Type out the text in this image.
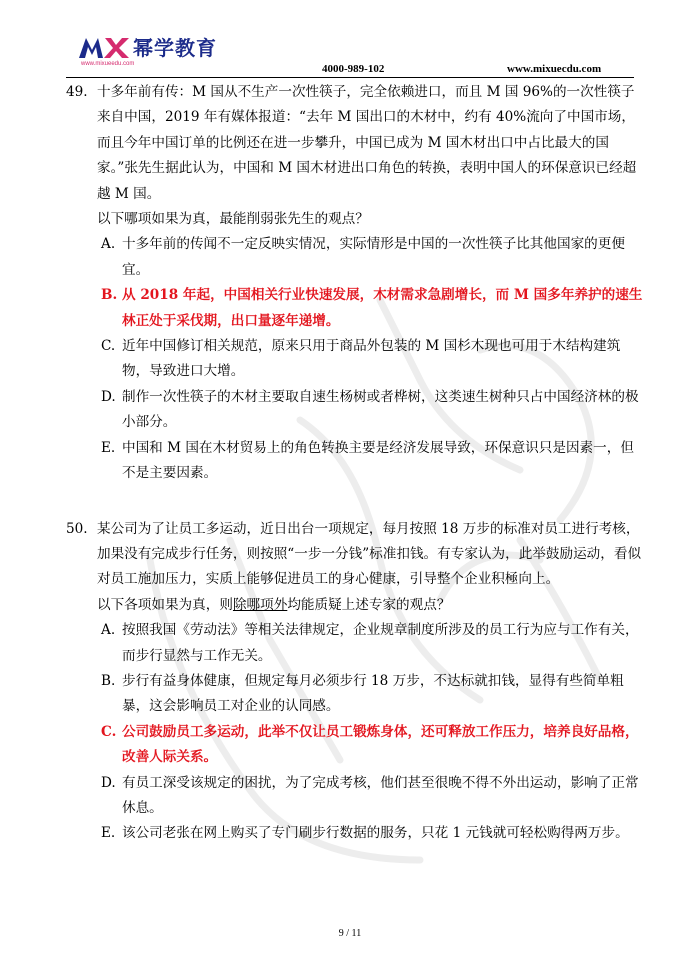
幂学教育
www.mixueedu.com	4000-989-102	www.mixuecdu.com
49. 十多年前有传：M 国从不生产一次性筷子，完全依赖进口，而且 M 国 96%的一次性筷子来自中国，2019 年有媒体报道：“去年 M 国出口的木材中，约有 40%流向了中国市场，而且今年中国订单的比例还在进一步攀升，中国已成为 M 国木材出口中占比最大的国家。”张先生据此认为，中国和 M 国木材进出口角色的转换，表明中国人的环保意识已经超越 M 国。
以下哪项如果为真，最能削弱张先生的观点？
A. 十多年前的传闻不一定反映实情况，实际情形是中国的一次性筷子比其他国家的更便宜。
B. 从 2018 年起，中国相关行业快速发展，木材需求急剧增长，而 M 国多年养护的速生林正处于采伐期，出口量逐年递增。
C. 近年中国修订相关规范，原来只用于商品外包装的 M 国杉木现也可用于木结构建筑物，导致进口大增。
D. 制作一次性筷子的木材主要取自速生杨树或者桦树，这类速生树种只占中国经济林的极小部分。
E. 中国和 M 国在木材贸易上的角色转换主要是经济发展导致，环保意识只是因素一，但不是主要因素。
50. 某公司为了让员工多运动，近日出台一项规定，每月按照 18 万步的标准对员工进行考核，加果没有完成步行任务，则按照“一步一分钱”标准扣钱。有专家认为，此举鼓励运动，看似对员工施加压力，实质上能够促进员工的身心健康，引导整个企业积極向上。
以下各项如果为真，则除哪项外均能质疑上述专家的观点？
A. 按照我国《劳动法》等相关法律规定，企业规章制度所涉及的员工行为应与工作有关，而步行显然与工作无关。
B. 步行有益身体健康，但规定每月必须步行 18 万步，不达标就扣钱，显得有些简单粗暴，这会影响员工对企业的认同感。
C. 公司鼓励员工多运动，此举不仅让员工锻炼身体，还可释放工作压力，培养良好品格，改善人际关系。
D. 有员工深受该规定的困扰，为了完成考核，他们甚至很晚不得不外出运动，影响了正常休息。
E. 该公司老张在网上购买了专门刷步行数据的服务，只花 1 元钱就可轻松购得两万步。
9 / 11
